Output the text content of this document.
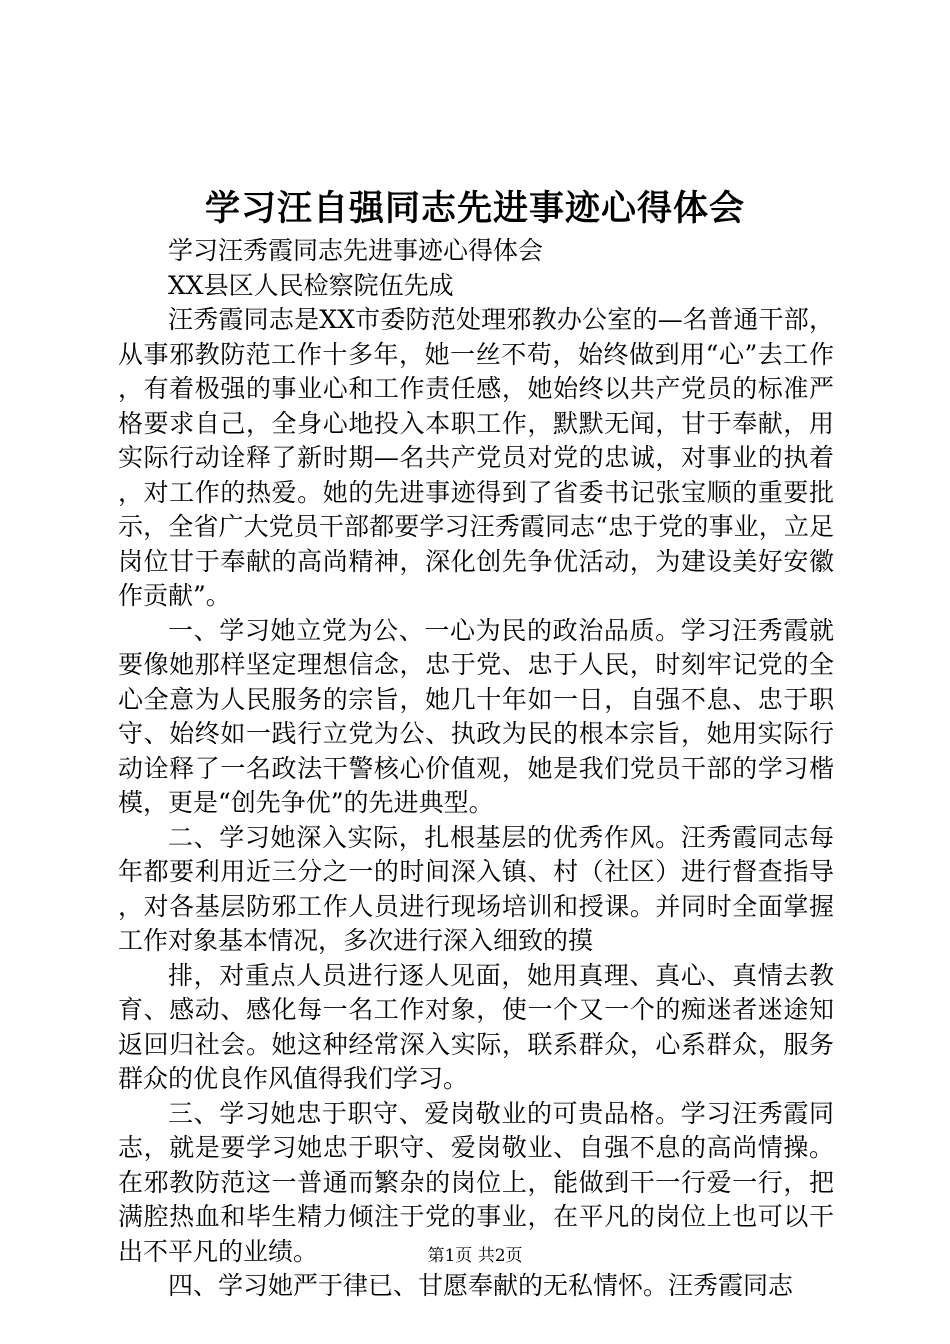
学习汪自强同志先进事迹心得体会

学习汪秀霞同志先进事迹心得体会

XX县区人民检察院伍先成

汪秀霞同志是XX市委防范处理邪教办公室的—名普通干部，从事邪教防范工作十多年，她一丝不苟，始终做到用“心”去工作，有着极强的事业心和工作责任感，她始终以共产党员的标准严格要求自己，全身心地投入本职工作，默默无闻，甘于奉献，用实际行动诠释了新时期—名共产党员对党的忠诚，对事业的执着，对工作的热爱。她的先进事迹得到了省委书记张宝顺的重要批示，全省广大党员干部都要学习汪秀霞同志“忠于党的事业，立足岗位甘于奉献的高尚精神，深化创先争优活动，为建设美好安徽作贡献”。

一、学习她立党为公、一心为民的政治品质。学习汪秀霞就要像她那样坚定理想信念，忠于党、忠于人民，时刻牢记党的全心全意为人民服务的宗旨，她几十年如一日，自强不息、忠于职守、始终如一践行立党为公、执政为民的根本宗旨，她用实际行动诠释了一名政法干警核心价值观，她是我们党员干部的学习楷模，更是“创先争优”的先进典型。

二、学习她深入实际，扎根基层的优秀作风。汪秀霞同志每年都要利用近三分之一的时间深入镇、村（社区）进行督查指导，对各基层防邪工作人员进行现场培训和授课。并同时全面掌握工作对象基本情况，多次进行深入细致的摸

排，对重点人员进行逐人见面，她用真理、真心、真情去教育、感动、感化每一名工作对象，使一个又一个的痴迷者迷途知返回归社会。她这种经常深入实际，联系群众，心系群众，服务群众的优良作风值得我们学习。

三、学习她忠于职守、爱岗敬业的可贵品格。学习汪秀霞同志，就是要学习她忠于职守、爱岗敬业、自强不息的高尚情操。在邪教防范这一普通而繁杂的岗位上，能做到干一行爱一行，把满腔热血和毕生精力倾注于党的事业，在平凡的岗位上也可以干出不平凡的业绩。

四、学习她严于律已、甘愿奉献的无私情怀。汪秀霞同志

第1页 共2页
